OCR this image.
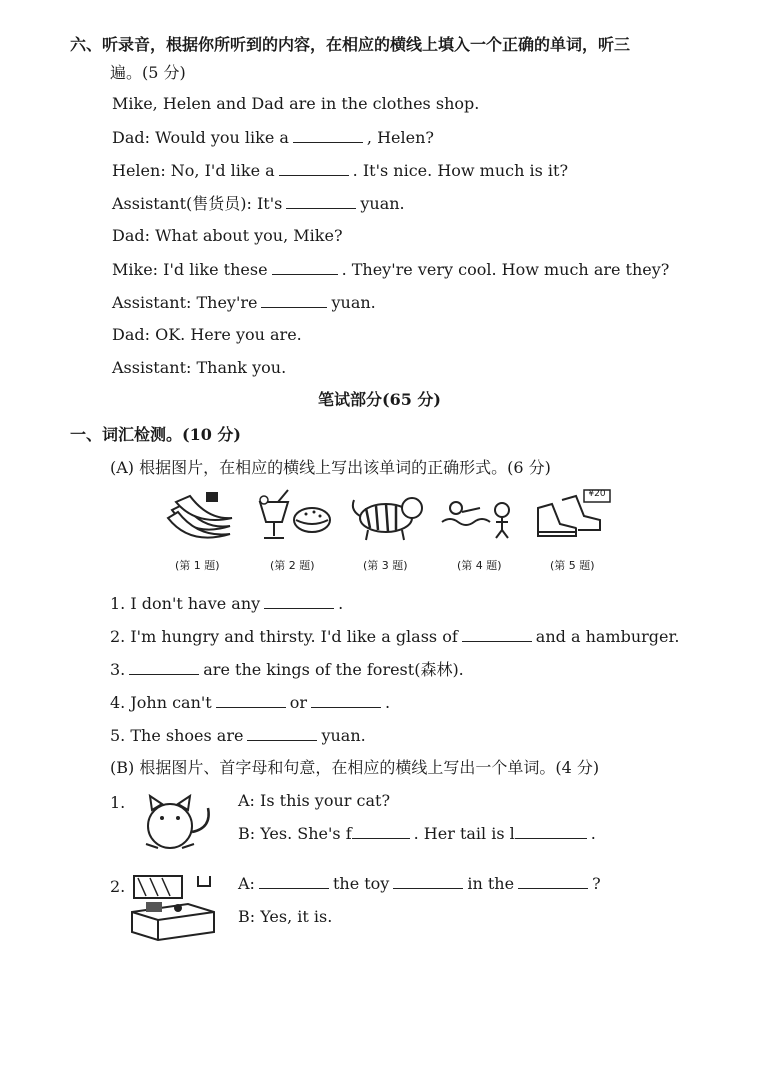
六、听录音，根据你所听到的内容，在相应的横线上填入一个正确的单词，听三
遍。(5 分)
Mike, Helen and Dad are in the clothes shop.
Dad: Would you like a	, Helen?
Helen: No, I'd like a	. It's nice. How much is it?
Assistant(售货员): It's	yuan.
Dad: What about you, Mike?
Mike: I'd like these	. They're very cool. How much are they?
Assistant: They're	yuan.
Dad: OK. Here you are.
Assistant: Thank you.
笔试部分(65 分)
一、词汇检测。(10 分)
(A) 根据图片，在相应的横线上写出该单词的正确形式。(6 分)
¥20
(第 1 题)	(第 2 题)	(第 3 题)	(第 4 题)	(第 5 题)
1. I don't have any	.
2. I'm hungry and thirsty. I'd like a glass of	and a hamburger.
3.	are the kings of the forest(森林).
4. John can't	or	.
5. The shoes are	yuan.
(B) 根据图片、首字母和句意，在相应的横线上写出一个单词。(4 分)
1.	A: Is this your cat?
B: Yes. She's f	. Her tail is l	.
2.	A:	the toy	in the	?
B: Yes, it is.
